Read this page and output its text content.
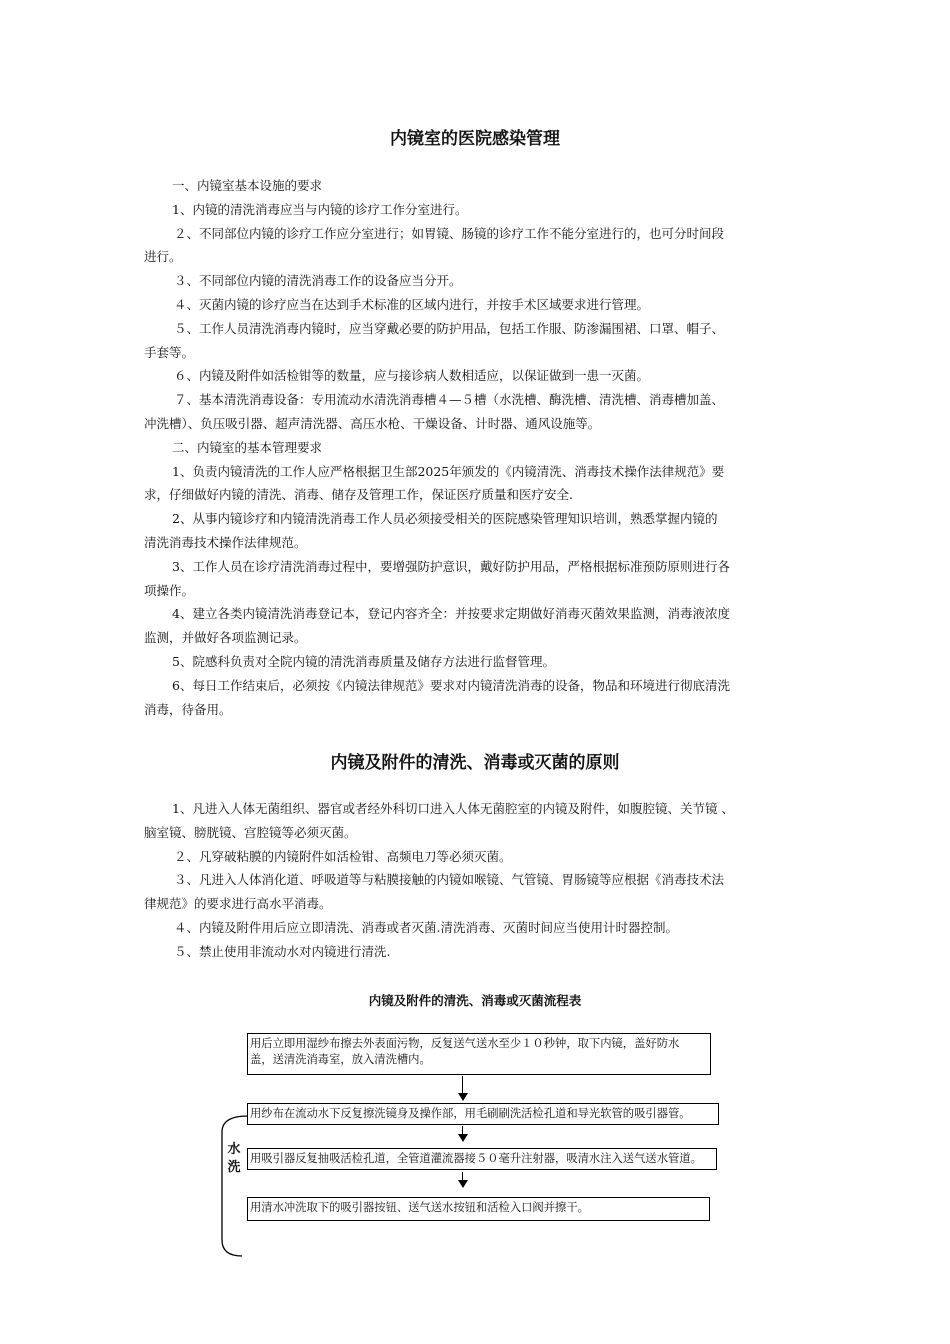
内镜室的医院感染管理

一、内镜室基本设施的要求

1、内镜的清洗消毒应当与内镜的诊疗工作分室进行。

２、不同部位内镜的诊疗工作应分室进行；如胃镜、肠镜的诊疗工作不能分室进行的，也可分时间段

进行。

３、不同部位内镜的清洗消毒工作的设备应当分开。

４、灭菌内镜的诊疗应当在达到手术标准的区域内进行，并按手术区域要求进行管理。

５、工作人员清洗消毒内镜时，应当穿戴必要的防护用品，包括工作服、防渗漏围裙、口罩、帽子、

手套等。

６、内镜及附件如活检钳等的数量，应与接诊病人数相适应，以保证做到一患一灭菌。

７、基本清洗消毒设备：专用流动水清洗消毒槽４—５槽（水洗槽、酶洗槽、清洗槽、消毒槽加盖、

冲洗槽）、负压吸引器、超声清洗器、高压水枪、干燥设备、计时器、通风设施等。

二、内镜室的基本管理要求

1、负责内镜清洗的工作人应严格根据卫生部2025年颁发的《内镜清洗、消毒技术操作法律规范》要

求，仔细做好内镜的清洗、消毒、储存及管理工作，保证医疗质量和医疗安全.

2、从事内镜诊疗和内镜清洗消毒工作人员必须接受相关的医院感染管理知识培训，熟悉掌握内镜的

清洗消毒技术操作法律规范。

3、工作人员在诊疗清洗消毒过程中，要增强防护意识，戴好防护用品，严格根据标准预防原则进行各

项操作。

4、建立各类内镜清洗消毒登记本，登记内容齐全：并按要求定期做好消毒灭菌效果监测，消毒液浓度

监测，并做好各项监测记录。

5、院感科负责对全院内镜的清洗消毒质量及储存方法进行监督管理。

6、每日工作结束后，必须按《内镜法律规范》要求对内镜清洗消毒的设备，物品和环境进行彻底清洗

消毒，待备用。

内镜及附件的清洗、消毒或灭菌的原则

1、凡进入人体无菌组织、器官或者经外科切口进入人体无菌腔室的内镜及附件，如腹腔镜、关节镜 、

脑室镜、膀胱镜、宫腔镜等必须灭菌。

２、凡穿破粘膜的内镜附件如活检钳、高频电刀等必须灭菌。

３、凡进入人体消化道、呼吸道等与粘膜接触的内镜如喉镜、气管镜、胃肠镜等应根据《消毒技术法

律规范》的要求进行高水平消毒。

４、内镜及附件用后应立即清洗、消毒或者灭菌.清洗消毒、灭菌时间应当使用计时器控制。

５、禁止使用非流动水对内镜进行清洗.

内镜及附件的清洗、消毒或灭菌流程表
用后立即用湿纱布擦去外表面污物，反复送气送水至少１０秒钟，取下内镜，盖好防水
盖，送清洗消毒室，放入清洗槽内。
用纱布在流动水下反复擦洗镜身及操作部，用毛刷刷洗活检孔道和导光软管的吸引器管。
用吸引器反复抽吸活检孔道，全管道灌流器接５０毫升注射器，吸清水注入送气送水管道。
用清水冲洗取下的吸引器按钮、送气送水按钮和活检入口阀并擦干。
水
洗
